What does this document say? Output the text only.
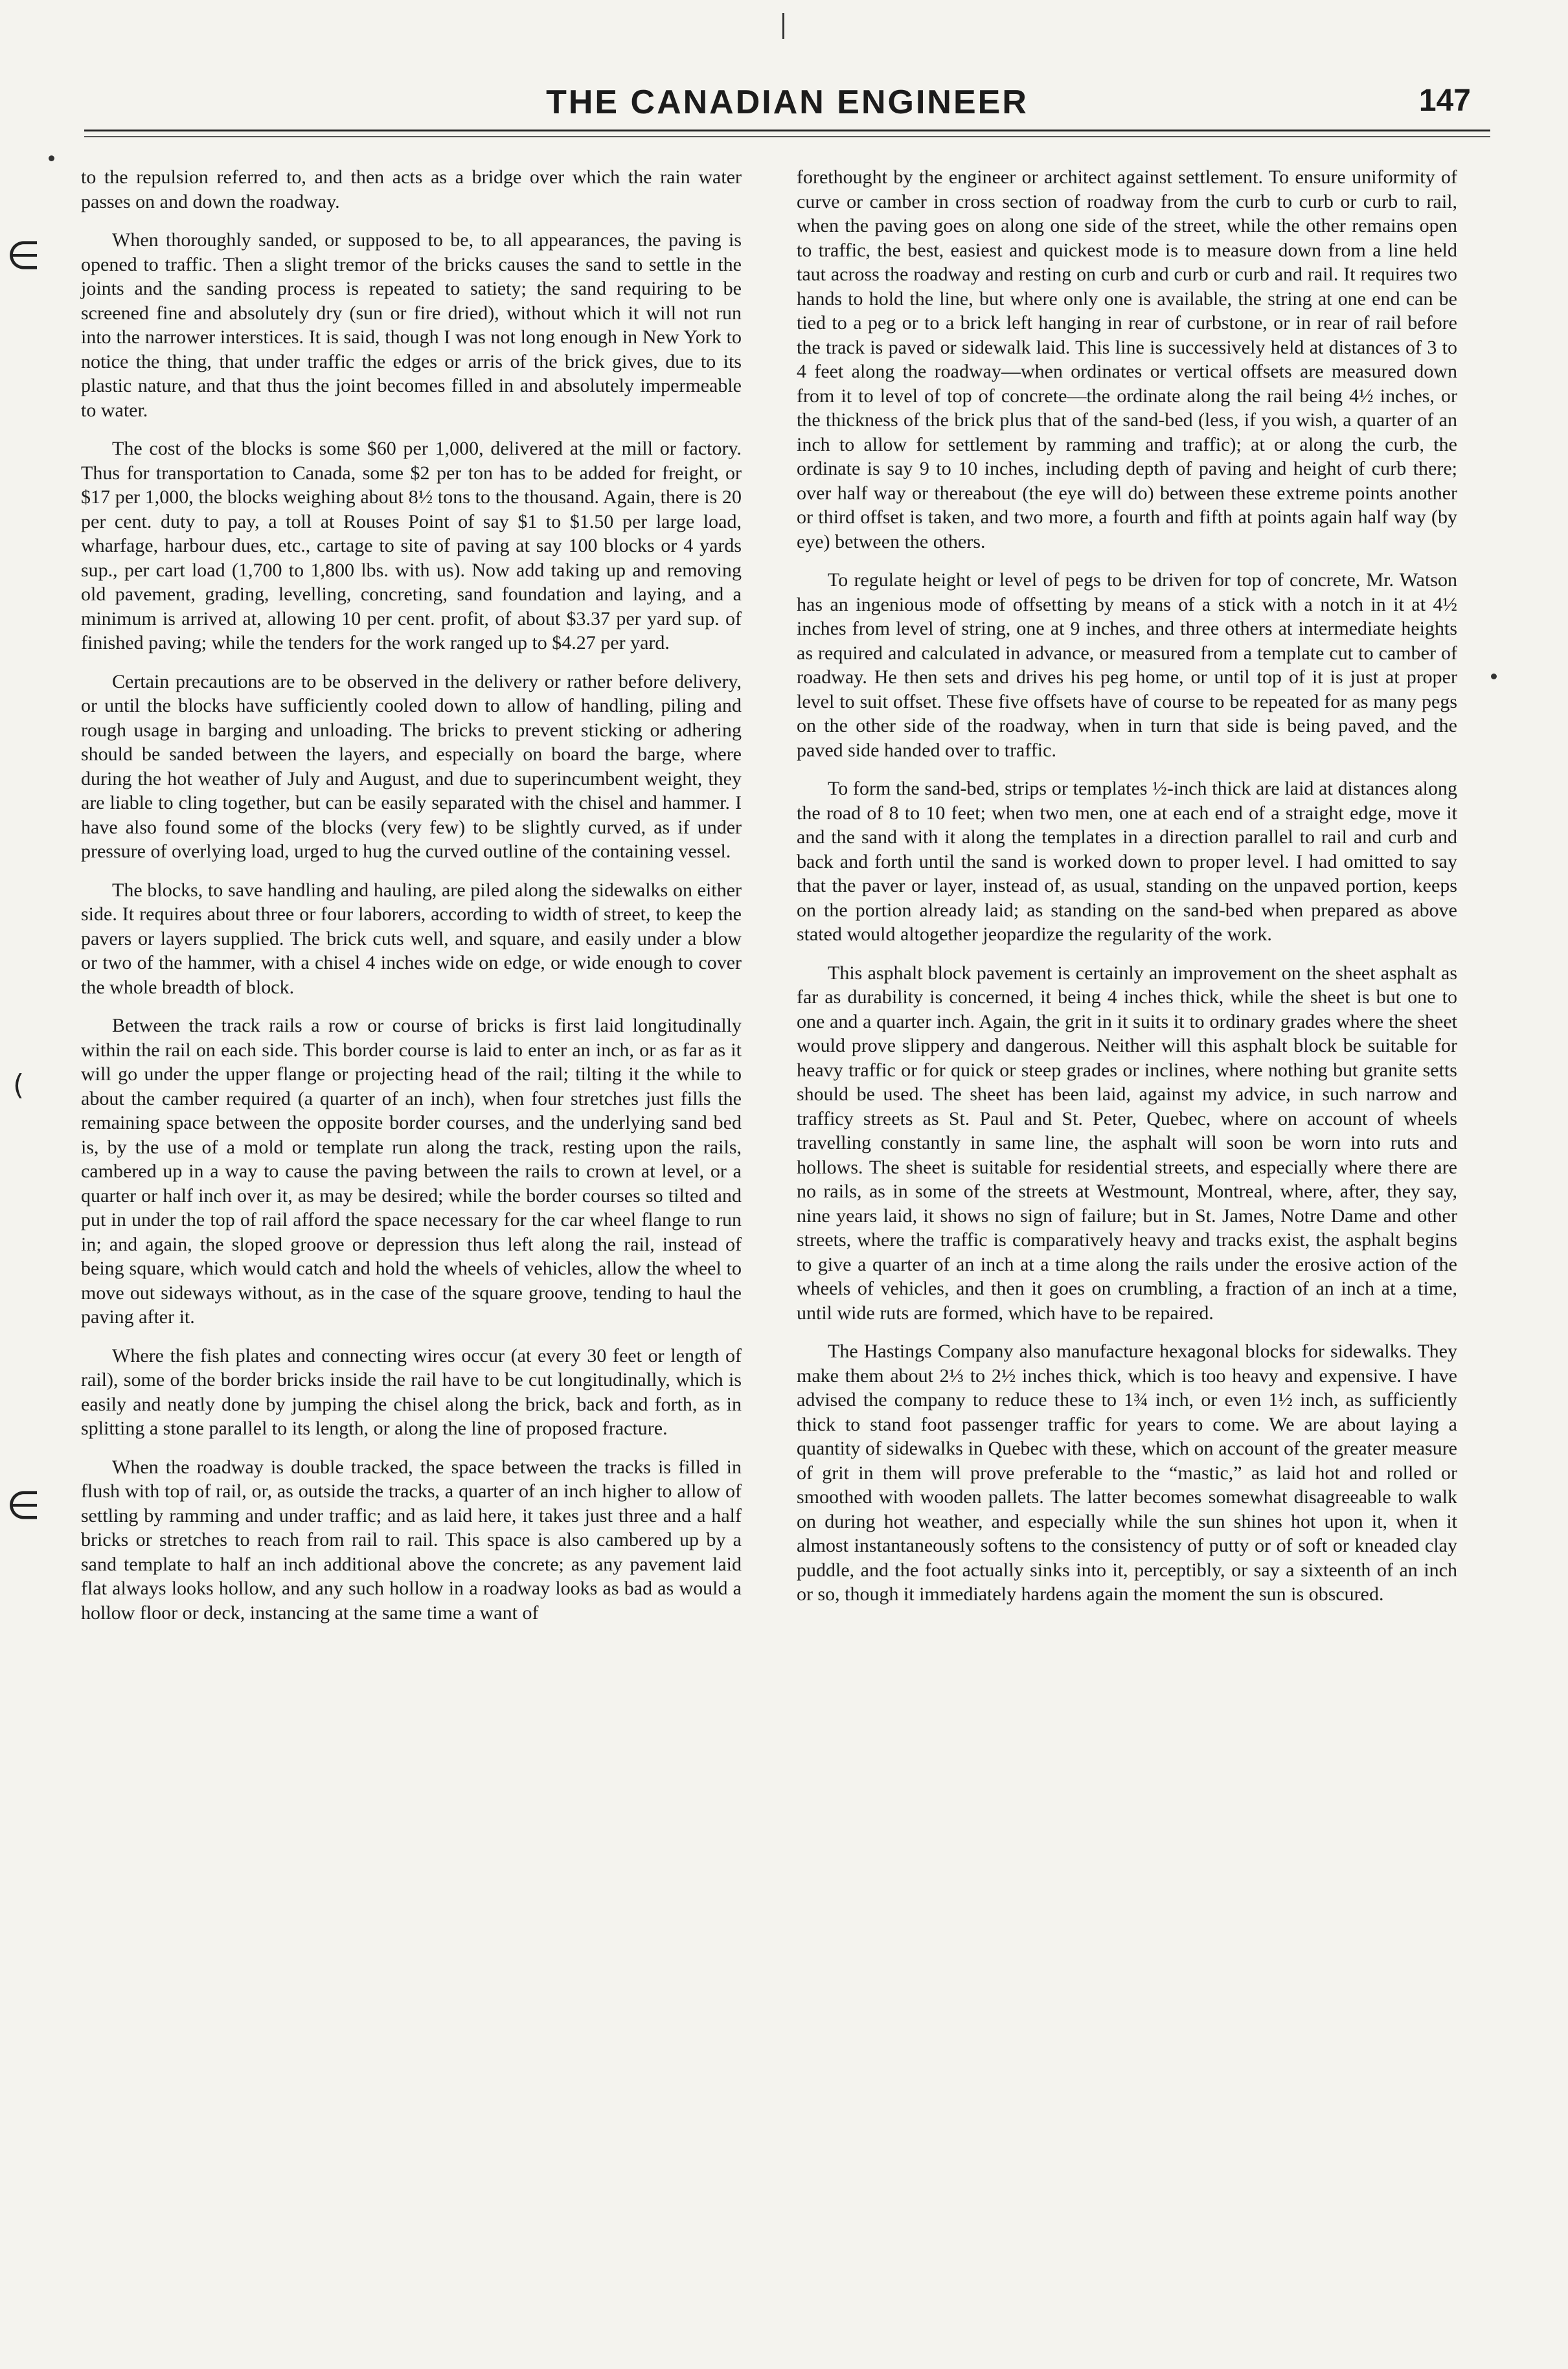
THE CANADIAN ENGINEER	147
∈
(
∈

to the repulsion referred to, and then acts as a bridge over which the rain water passes on and down the roadway.

When thoroughly sanded, or supposed to be, to all appearances, the paving is opened to traffic. Then a slight tremor of the bricks causes the sand to settle in the joints and the sanding process is repeated to satiety; the sand requiring to be screened fine and absolutely dry (sun or fire dried), without which it will not run into the narrower interstices. It is said, though I was not long enough in New York to notice the thing, that under traffic the edges or arris of the brick gives, due to its plastic nature, and that thus the joint becomes filled in and absolutely impermeable to water.

The cost of the blocks is some $60 per 1,000, delivered at the mill or factory. Thus for transportation to Canada, some $2 per ton has to be added for freight, or $17 per 1,000, the blocks weighing about 8½ tons to the thousand. Again, there is 20 per cent. duty to pay, a toll at Rouses Point of say $1 to $1.50 per large load, wharfage, harbour dues, etc., cartage to site of paving at say 100 blocks or 4 yards sup., per cart load (1,700 to 1,800 lbs. with us). Now add taking up and removing old pavement, grading, levelling, concreting, sand foundation and laying, and a minimum is arrived at, allowing 10 per cent. profit, of about $3.37 per yard sup. of finished paving; while the tenders for the work ranged up to $4.27 per yard.

Certain precautions are to be observed in the delivery or rather before delivery, or until the blocks have sufficiently cooled down to allow of handling, piling and rough usage in barging and unloading. The bricks to prevent sticking or adhering should be sanded between the layers, and especially on board the barge, where during the hot weather of July and August, and due to superincumbent weight, they are liable to cling together, but can be easily separated with the chisel and hammer. I have also found some of the blocks (very few) to be slightly curved, as if under pressure of overlying load, urged to hug the curved outline of the containing vessel.

The blocks, to save handling and hauling, are piled along the sidewalks on either side. It requires about three or four laborers, according to width of street, to keep the pavers or layers supplied. The brick cuts well, and square, and easily under a blow or two of the hammer, with a chisel 4 inches wide on edge, or wide enough to cover the whole breadth of block.

Between the track rails a row or course of bricks is first laid longitudinally within the rail on each side. This border course is laid to enter an inch, or as far as it will go under the upper flange or projecting head of the rail; tilting it the while to about the camber required (a quarter of an inch), when four stretches just fills the remaining space between the opposite border courses, and the underlying sand bed is, by the use of a mold or template run along the track, resting upon the rails, cambered up in a way to cause the paving between the rails to crown at level, or a quarter or half inch over it, as may be desired; while the border courses so tilted and put in under the top of rail afford the space necessary for the car wheel flange to run in; and again, the sloped groove or depression thus left along the rail, instead of being square, which would catch and hold the wheels of vehicles, allow the wheel to move out sideways without, as in the case of the square groove, tending to haul the paving after it.

Where the fish plates and connecting wires occur (at every 30 feet or length of rail), some of the border bricks inside the rail have to be cut longitudinally, which is easily and neatly done by jumping the chisel along the brick, back and forth, as in splitting a stone parallel to its length, or along the line of proposed fracture.

When the roadway is double tracked, the space between the tracks is filled in flush with top of rail, or, as outside the tracks, a quarter of an inch higher to allow of settling by ramming and under traffic; and as laid here, it takes just three and a half bricks or stretches to reach from rail to rail. This space is also cambered up by a sand template to half an inch additional above the concrete; as any pavement laid flat always looks hollow, and any such hollow in a roadway looks as bad as would a hollow floor or deck, instancing at the same time a want of

forethought by the engineer or architect against settlement. To ensure uniformity of curve or camber in cross section of roadway from the curb to curb or curb to rail, when the paving goes on along one side of the street, while the other remains open to traffic, the best, easiest and quickest mode is to measure down from a line held taut across the roadway and resting on curb and curb or curb and rail. It requires two hands to hold the line, but where only one is available, the string at one end can be tied to a peg or to a brick left hanging in rear of curbstone, or in rear of rail before the track is paved or sidewalk laid. This line is successively held at distances of 3 to 4 feet along the roadway—when ordinates or vertical offsets are measured down from it to level of top of concrete—the ordinate along the rail being 4½ inches, or the thickness of the brick plus that of the sand-bed (less, if you wish, a quarter of an inch to allow for settlement by ramming and traffic); at or along the curb, the ordinate is say 9 to 10 inches, including depth of paving and height of curb there; over half way or thereabout (the eye will do) between these extreme points another or third offset is taken, and two more, a fourth and fifth at points again half way (by eye) between the others.

To regulate height or level of pegs to be driven for top of concrete, Mr. Watson has an ingenious mode of offsetting by means of a stick with a notch in it at 4½ inches from level of string, one at 9 inches, and three others at intermediate heights as required and calculated in advance, or measured from a template cut to camber of roadway. He then sets and drives his peg home, or until top of it is just at proper level to suit offset. These five offsets have of course to be repeated for as many pegs on the other side of the roadway, when in turn that side is being paved, and the paved side handed over to traffic.

To form the sand-bed, strips or templates ½-inch thick are laid at distances along the road of 8 to 10 feet; when two men, one at each end of a straight edge, move it and the sand with it along the templates in a direction parallel to rail and curb and back and forth until the sand is worked down to proper level. I had omitted to say that the paver or layer, instead of, as usual, standing on the unpaved portion, keeps on the portion already laid; as standing on the sand-bed when prepared as above stated would altogether jeopardize the regularity of the work.

This asphalt block pavement is certainly an improvement on the sheet asphalt as far as durability is concerned, it being 4 inches thick, while the sheet is but one to one and a quarter inch. Again, the grit in it suits it to ordinary grades where the sheet would prove slippery and dangerous. Neither will this asphalt block be suitable for heavy traffic or for quick or steep grades or inclines, where nothing but granite setts should be used. The sheet has been laid, against my advice, in such narrow and trafficy streets as St. Paul and St. Peter, Quebec, where on account of wheels travelling constantly in same line, the asphalt will soon be worn into ruts and hollows. The sheet is suitable for residential streets, and especially where there are no rails, as in some of the streets at Westmount, Montreal, where, after, they say, nine years laid, it shows no sign of failure; but in St. James, Notre Dame and other streets, where the traffic is comparatively heavy and tracks exist, the asphalt begins to give a quarter of an inch at a time along the rails under the erosive action of the wheels of vehicles, and then it goes on crumbling, a fraction of an inch at a time, until wide ruts are formed, which have to be repaired.

The Hastings Company also manufacture hexagonal blocks for sidewalks. They make them about 2⅓ to 2½ inches thick, which is too heavy and expensive. I have advised the company to reduce these to 1¾ inch, or even 1½ inch, as sufficiently thick to stand foot passenger traffic for years to come. We are about laying a quantity of sidewalks in Quebec with these, which on account of the greater measure of grit in them will prove preferable to the “mastic,” as laid hot and rolled or smoothed with wooden pallets. The latter becomes somewhat disagreeable to walk on during hot weather, and especially while the sun shines hot upon it, when it almost instantaneously softens to the consistency of putty or of soft or kneaded clay puddle, and the foot actually sinks into it, perceptibly, or say a sixteenth of an inch or so, though it immediately hardens again the moment the sun is obscured.
